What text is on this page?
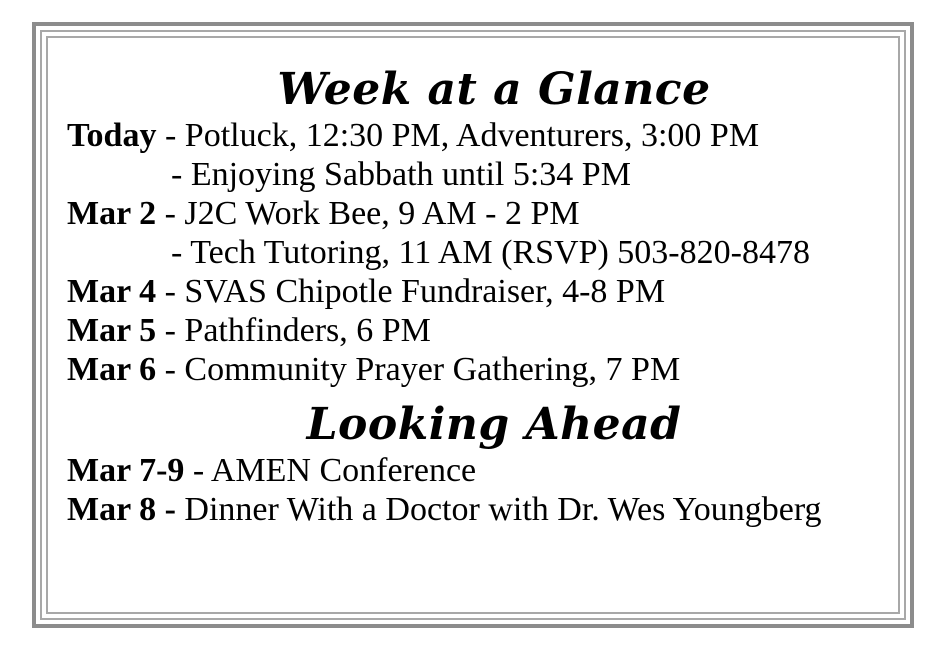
Week at a Glance
Today - Potluck, 12:30 PM, Adventurers, 3:00 PM
- Enjoying Sabbath until 5:34 PM
Mar 2 - J2C Work Bee, 9 AM - 2 PM
- Tech Tutoring, 11 AM (RSVP) 503-820-8478
Mar 4 - SVAS Chipotle Fundraiser, 4-8 PM
Mar 5 - Pathfinders, 6 PM
Mar 6 - Community Prayer Gathering, 7 PM
Looking Ahead
Mar 7-9 - AMEN Conference
Mar 8 - Dinner With a Doctor with Dr. Wes Youngberg
